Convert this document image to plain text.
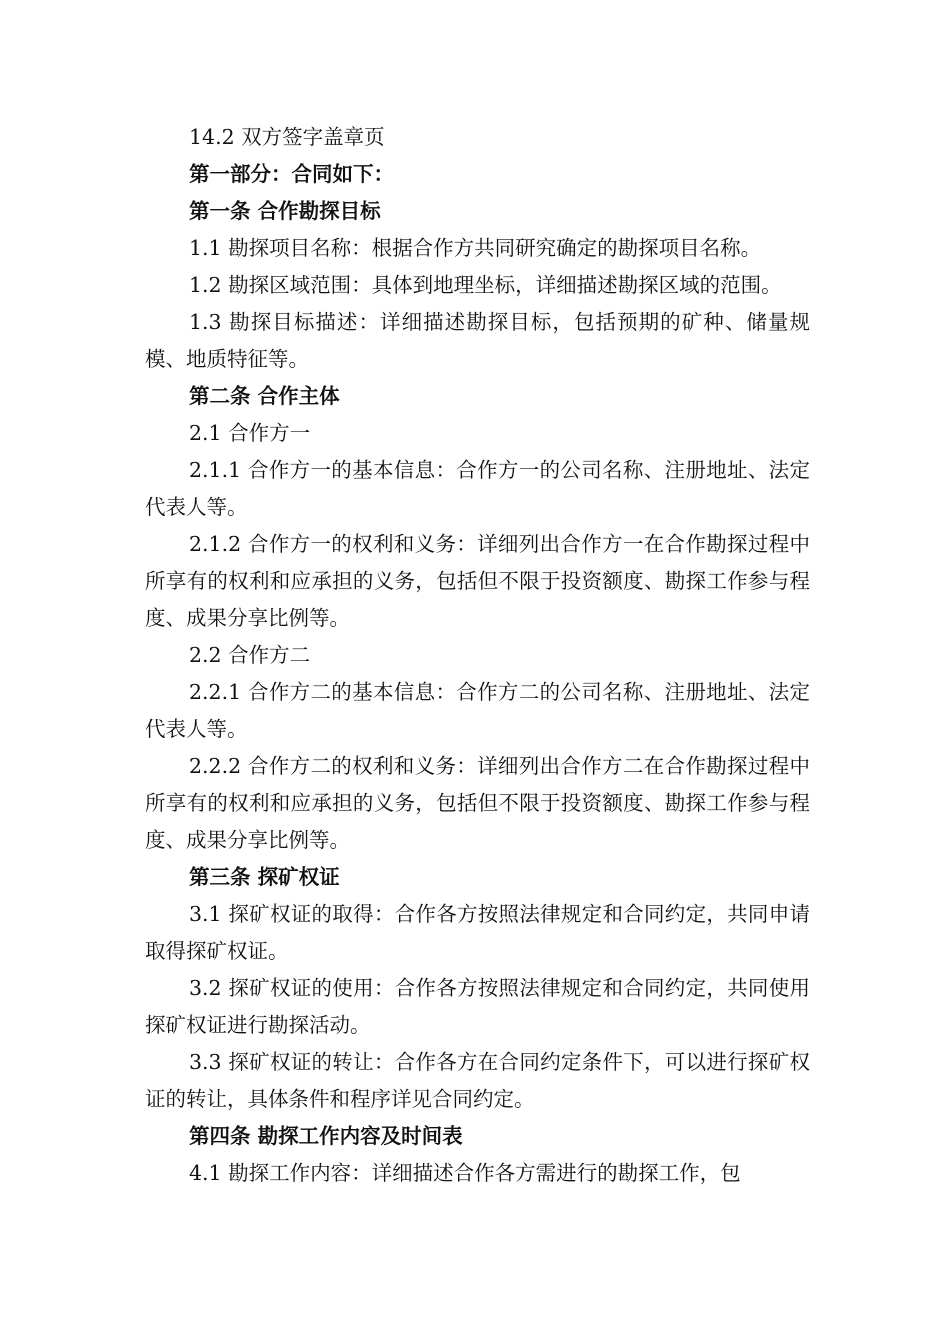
14.2 双方签字盖章页

第一部分：合同如下：

第一条 合作勘探目标

1.1 勘探项目名称：根据合作方共同研究确定的勘探项目名称。

1.2 勘探区域范围：具体到地理坐标，详细描述勘探区域的范围。

1.3 勘探目标描述：详细描述勘探目标，包括预期的矿种、储量规模、地质特征等。

第二条 合作主体

2.1 合作方一

2.1.1 合作方一的基本信息：合作方一的公司名称、注册地址、法定代表人等。

2.1.2 合作方一的权利和义务：详细列出合作方一在合作勘探过程中所享有的权利和应承担的义务，包括但不限于投资额度、勘探工作参与程度、成果分享比例等。

2.2 合作方二

2.2.1 合作方二的基本信息：合作方二的公司名称、注册地址、法定代表人等。

2.2.2 合作方二的权利和义务：详细列出合作方二在合作勘探过程中所享有的权利和应承担的义务，包括但不限于投资额度、勘探工作参与程度、成果分享比例等。

第三条 探矿权证

3.1 探矿权证的取得：合作各方按照法律规定和合同约定，共同申请取得探矿权证。

3.2 探矿权证的使用：合作各方按照法律规定和合同约定，共同使用探矿权证进行勘探活动。

3.3 探矿权证的转让：合作各方在合同约定条件下，可以进行探矿权证的转让，具体条件和程序详见合同约定。

第四条 勘探工作内容及时间表

4.1 勘探工作内容：详细描述合作各方需进行的勘探工作，包
